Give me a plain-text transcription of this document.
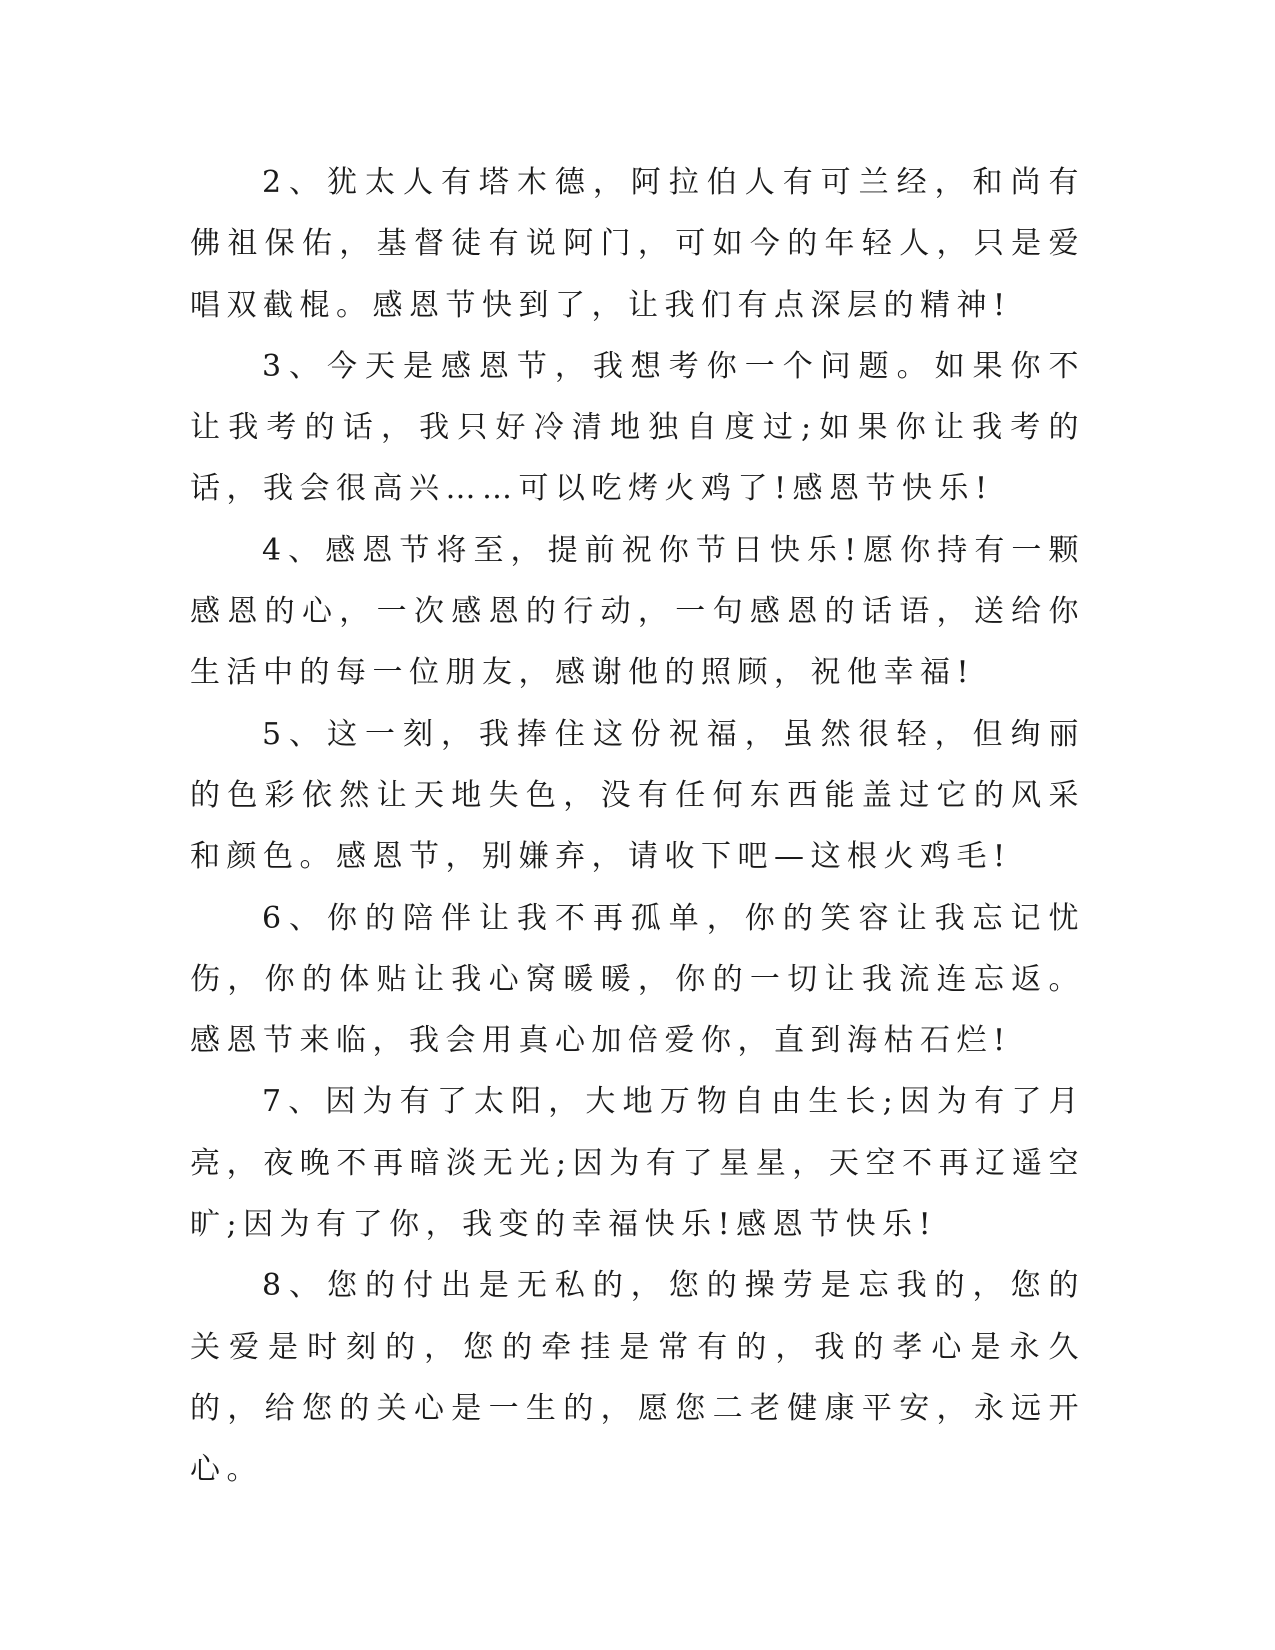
2、犹太人有塔木德，阿拉伯人有可兰经，和尚有佛祖保佑，基督徒有说阿门，可如今的年轻人，只是爱唱双截棍。感恩节快到了，让我们有点深层的精神!

3、今天是感恩节，我想考你一个问题。如果你不让我考的话，我只好冷清地独自度过;如果你让我考的话，我会很高兴……可以吃烤火鸡了!感恩节快乐!

4、感恩节将至，提前祝你节日快乐!愿你持有一颗感恩的心，一次感恩的行动，一句感恩的话语，送给你生活中的每一位朋友，感谢他的照顾，祝他幸福!

5、这一刻，我捧住这份祝福，虽然很轻，但绚丽的色彩依然让天地失色，没有任何东西能盖过它的风采和颜色。感恩节，别嫌弃，请收下吧—这根火鸡毛!

6、你的陪伴让我不再孤单，你的笑容让我忘记忧伤，你的体贴让我心窝暖暖，你的一切让我流连忘返。感恩节来临，我会用真心加倍爱你，直到海枯石烂!

7、因为有了太阳，大地万物自由生长;因为有了月亮，夜晚不再暗淡无光;因为有了星星，天空不再辽遥空旷;因为有了你，我变的幸福快乐!感恩节快乐!

8、您的付出是无私的，您的操劳是忘我的，您的关爱是时刻的，您的牵挂是常有的，我的孝心是永久的，给您的关心是一生的，愿您二老健康平安，永远开心。
